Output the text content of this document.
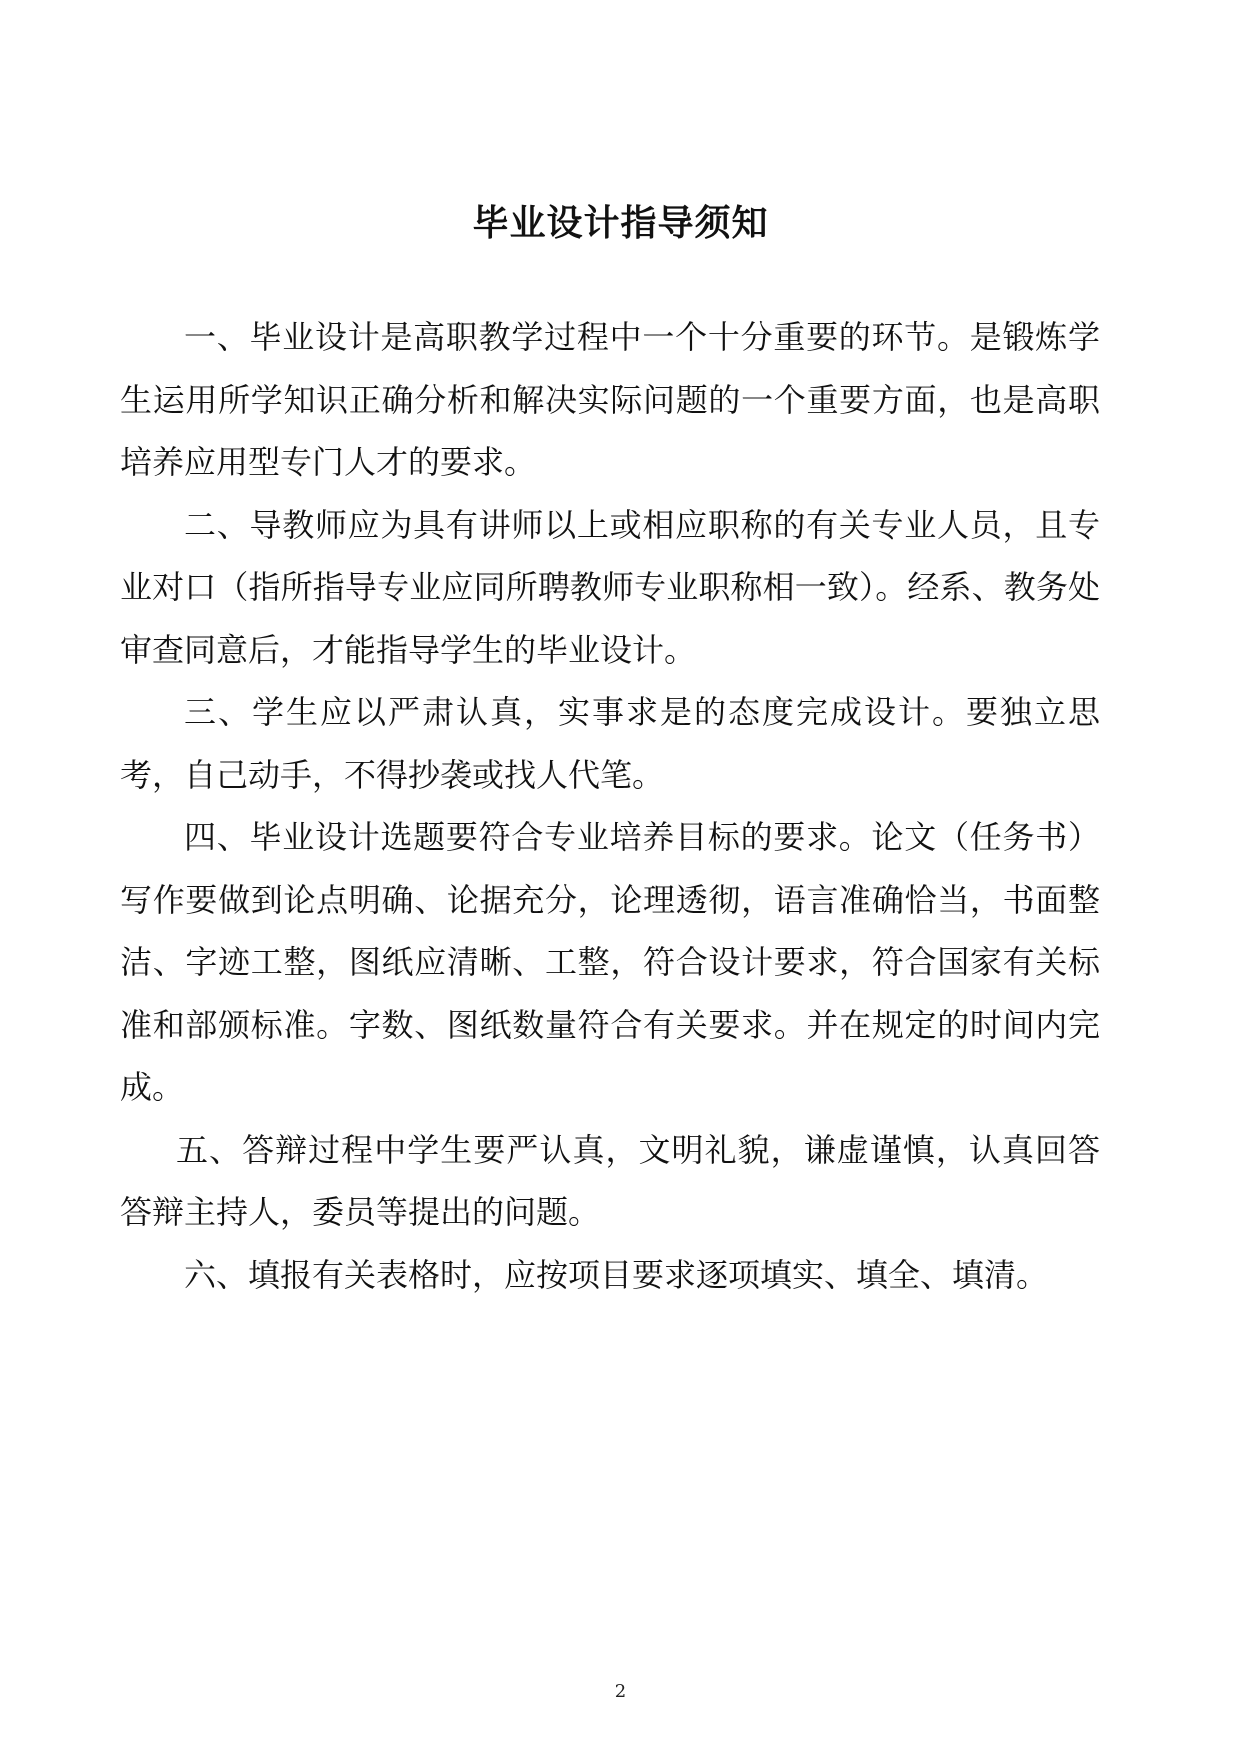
毕业设计指导须知

一、毕业设计是高职教学过程中一个十分重要的环节。是锻炼学生运用所学知识正确分析和解决实际问题的一个重要方面，也是高职培养应用型专门人才的要求。

二、导教师应为具有讲师以上或相应职称的有关专业人员，且专业对口（指所指导专业应同所聘教师专业职称相一致）。经系、教务处审查同意后，才能指导学生的毕业设计。

三、学生应以严肃认真，实事求是的态度完成设计。要独立思考，自己动手，不得抄袭或找人代笔。

四、毕业设计选题要符合专业培养目标的要求。论文（任务书）写作要做到论点明确、论据充分，论理透彻，语言准确恰当，书面整洁、字迹工整，图纸应清晰、工整，符合设计要求，符合国家有关标准和部颁标准。字数、图纸数量符合有关要求。并在规定的时间内完成。

五、答辩过程中学生要严认真，文明礼貌，谦虚谨慎，认真回答答辩主持人，委员等提出的问题。

六、填报有关表格时，应按项目要求逐项填实、填全、填清。

2
